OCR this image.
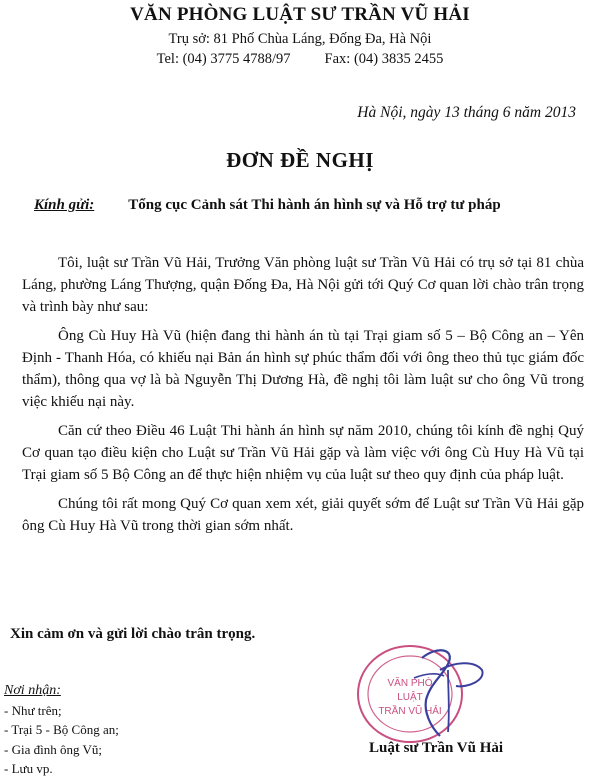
VĂN PHÒNG LUẬT SƯ TRẦN VŨ HẢI
Trụ sở: 81 Phố Chùa Láng, Đống Đa, Hà Nội
Tel: (04) 3775 4788/97 Fax: (04) 3835 2455
Hà Nội, ngày 13 tháng 6 năm 2013
ĐƠN ĐỀ NGHỊ
Kính gửi: Tổng cục Cảnh sát Thi hành án hình sự và Hỗ trợ tư pháp

Tôi, luật sư Trần Vũ Hải, Trưởng Văn phòng luật sư Trần Vũ Hải có trụ sở tại 81 chùa Láng, phường Láng Thượng, quận Đống Đa, Hà Nội gửi tới Quý Cơ quan lời chào trân trọng và trình bày như sau:

Ông Cù Huy Hà Vũ (hiện đang thi hành án tù tại Trại giam số 5 – Bộ Công an – Yên Định - Thanh Hóa, có khiếu nại Bản án hình sự phúc thẩm đối với ông theo thủ tục giám đốc thẩm), thông qua vợ là bà Nguyễn Thị Dương Hà, đề nghị tôi làm luật sư cho ông Vũ trong việc khiếu nại này.

Căn cứ theo Điều 46 Luật Thi hành án hình sự năm 2010, chúng tôi kính đề nghị Quý Cơ quan tạo điều kiện cho Luật sư Trần Vũ Hải gặp và làm việc với ông Cù Huy Hà Vũ tại Trại giam số 5 Bộ Công an để thực hiện nhiệm vụ của luật sư theo quy định của pháp luật.

Chúng tôi rất mong Quý Cơ quan xem xét, giải quyết sớm để Luật sư Trần Vũ Hải gặp ông Cù Huy Hà Vũ trong thời gian sớm nhất.

Xin cảm ơn và gửi lời chào trân trọng.
Nơi nhận:
- Như trên;
- Trại 5 - Bộ Công an;
- Gia đình ông Vũ;
- Lưu vp.
VĂN PHÒ
LUẬT
TRẦN VŨ HẢI
Luật sư Trần Vũ Hải
